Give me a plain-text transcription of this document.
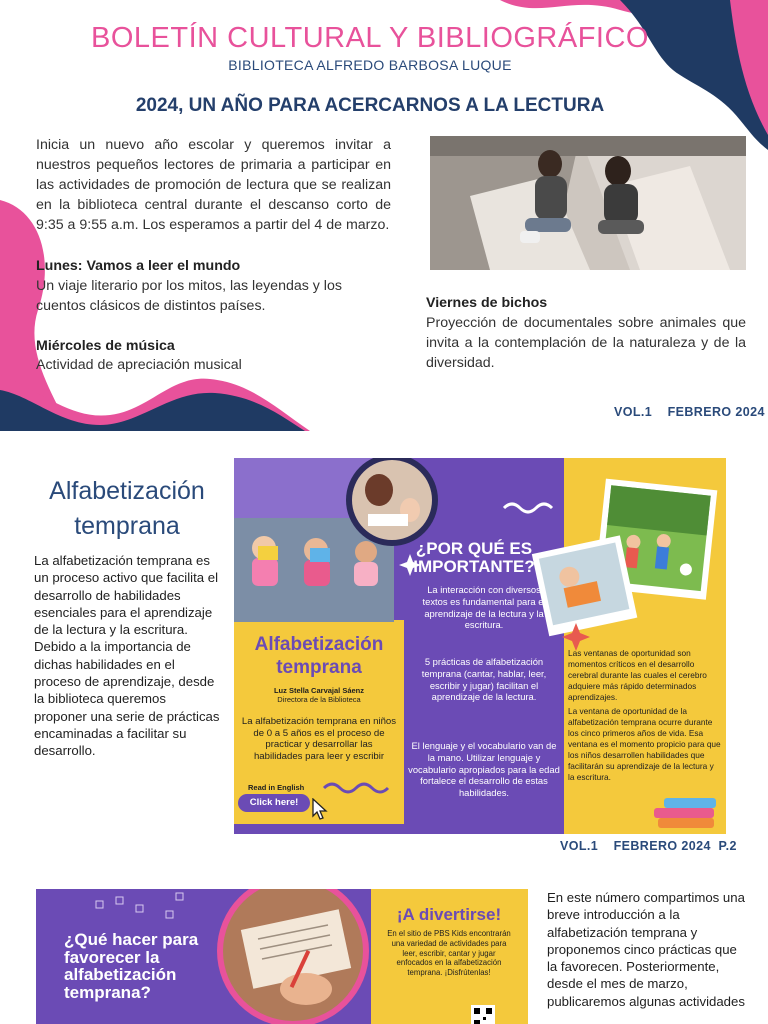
BOLETÍN CULTURAL Y BIBLIOGRÁFICO
BIBLIOTECA ALFREDO BARBOSA LUQUE
2024, UN AÑO PARA ACERCARNOS A LA LECTURA
Inicia un nuevo año escolar y queremos invitar a nuestros pequeños lectores de primaria a participar en las actividades de promoción de lectura que se realizan en la biblioteca central durante el descanso corto de 9:35 a 9:55 a.m. Los esperamos a partir del 4 de marzo.
Lunes: Vamos a leer el mundo
Un viaje literario por los mitos, las leyendas y los cuentos clásicos de distintos países.
Miércoles de música
Actividad de apreciación musical
Viernes de bichos
Proyección de documentales sobre animales que invita a la contemplación de la naturaleza y de la diversidad.
VOL.1    FEBRERO 2024
Alfabetización temprana
La alfabetización temprana es un proceso activo que facilita el desarrollo de habilidades esenciales para el aprendizaje de la lectura y la escritura. Debido a la importancia de dichas habilidades en el proceso de aprendizaje, desde la biblioteca queremos proponer una serie de prácticas encaminadas a facilitar su desarrollo.
¿POR QUÉ ES IMPORTANTE?
Alfabetización temprana
Luz Stella Carvajal Sáenz
Directora de la Biblioteca
La alfabetización temprana en niños de 0 a 5 años es el proceso de practicar y desarrollar las habilidades para leer y escribir
Read in English
Click here!
La interacción con diversos textos es fundamental para el aprendizaje de la lectura y la escritura.
5 prácticas de alfabetización temprana (cantar, hablar, leer, escribir y jugar) facilitan el aprendizaje de la lectura.
El lenguaje y el vocabulario van de la mano. Utilizar lenguaje y vocabulario apropiados para la edad fortalece el desarrollo de estas habilidades.
Las ventanas de oportunidad son momentos críticos en el desarrollo cerebral durante las cuales el cerebro adquiere más rápido determinados aprendizajes.
La ventana de oportunidad de la alfabetización temprana ocurre durante los cinco primeros años de vida. Esa ventana es el momento propicio para que los niños desarrollen habilidades que facilitarán su aprendizaje de la lectura y la escritura.
VOL.1    FEBRERO 2024  P.2
¿Qué hacer para favorecer la alfabetización temprana?
¡A divertirse!
En el sitio de PBS Kids encontrarán una variedad de actividades para leer, escribir, cantar y jugar enfocados en la alfabetización temprana. ¡Disfrútenlas!
En este número compartimos una breve introducción a la alfabetización temprana y proponemos cinco prácticas que la favorecen. Posteriormente, desde el mes de marzo, publicaremos algunas actividades
